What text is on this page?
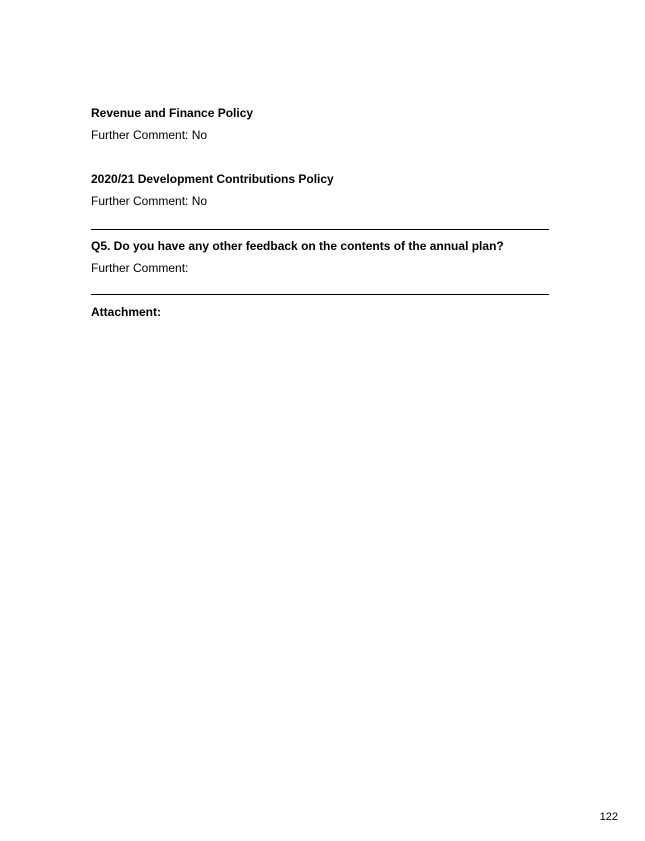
Revenue and Finance Policy
Further Comment: No
2020/21 Development Contributions Policy
Further Comment: No
Q5. Do you have any other feedback on the contents of the annual plan?
Further Comment:
Attachment:
122
